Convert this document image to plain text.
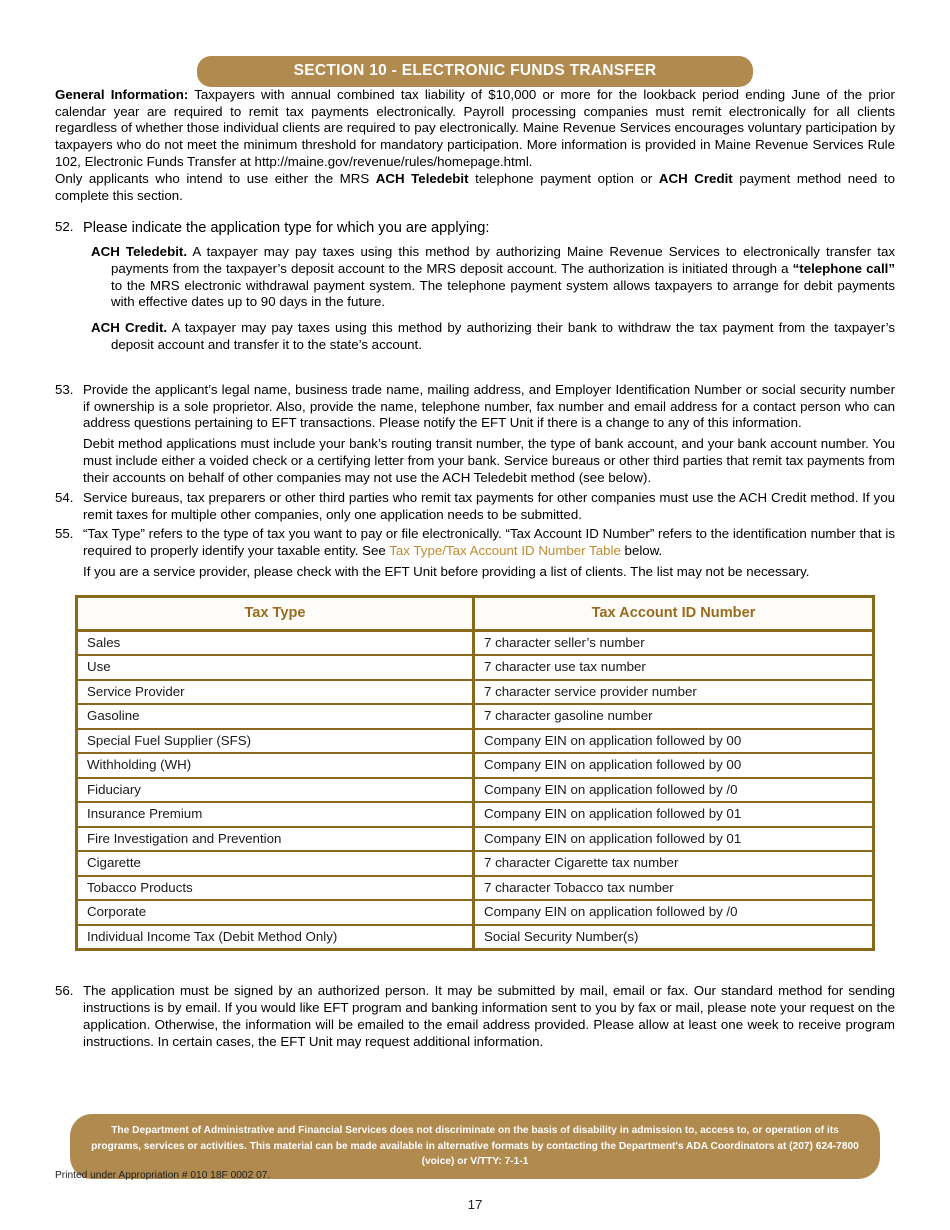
SECTION 10 - ELECTRONIC FUNDS TRANSFER

General Information: Taxpayers with annual combined tax liability of $10,000 or more for the lookback period ending June of the prior calendar year are required to remit tax payments electronically. Payroll processing companies must remit electronically for all clients regardless of whether those individual clients are required to pay electronically. Maine Revenue Services encourages voluntary participation by taxpayers who do not meet the minimum threshold for mandatory participation. More information is provided in Maine Revenue Services Rule 102, Electronic Funds Transfer at http://maine.gov/revenue/rules/homepage.html.

Only applicants who intend to use either the MRS ACH Teledebit telephone payment option or ACH Credit payment method need to complete this section.

52. Please indicate the application type for which you are applying:
ACH Teledebit. A taxpayer may pay taxes using this method by authorizing Maine Revenue Services to electronically transfer tax payments from the taxpayer’s deposit account to the MRS deposit account. The authorization is initiated through a “telephone call” to the MRS electronic withdrawal payment system. The telephone payment system allows taxpayers to arrange for debit payments with effective dates up to 90 days in the future.
ACH Credit. A taxpayer may pay taxes using this method by authorizing their bank to withdraw the tax payment from the taxpayer’s deposit account and transfer it to the state’s account.
53. Provide the applicant’s legal name, business trade name, mailing address, and Employer Identification Number or social security number if ownership is a sole proprietor. Also, provide the name, telephone number, fax number and email address for a contact person who can address questions pertaining to EFT transactions. Please notify the EFT Unit if there is a change to any of this information.
Debit method applications must include your bank’s routing transit number, the type of bank account, and your bank account number. You must include either a voided check or a certifying letter from your bank. Service bureaus or other third parties that remit tax payments from their accounts on behalf of other companies may not use the ACH Teledebit method (see below).
54. Service bureaus, tax preparers or other third parties who remit tax payments for other companies must use the ACH Credit method. If you remit taxes for multiple other companies, only one application needs to be submitted.
55. “Tax Type” refers to the type of tax you want to pay or file electronically. “Tax Account ID Number” refers to the identification number that is required to properly identify your taxable entity. See Tax Type/Tax Account ID Number Table below.
If you are a service provider, please check with the EFT Unit before providing a list of clients. The list may not be necessary.
Tax Type	Tax Account ID Number
Sales	7 character seller’s number
Use	7 character use tax number
Service Provider	7 character service provider number
Gasoline	7 character gasoline number
Special Fuel Supplier (SFS)	Company EIN on application followed by 00
Withholding (WH)	Company EIN on application followed by 00
Fiduciary	Company EIN on application followed by /0
Insurance Premium	Company EIN on application followed by 01
Fire Investigation and Prevention	Company EIN on application followed by 01
Cigarette	7 character Cigarette tax number
Tobacco Products	7 character Tobacco tax number
Corporate	Company EIN on application followed by /0
Individual Income Tax (Debit Method Only)	Social Security Number(s)
56. The application must be signed by an authorized person. It may be submitted by mail, email or fax. Our standard method for sending instructions is by email. If you would like EFT program and banking information sent to you by fax or mail, please note your request on the application. Otherwise, the information will be emailed to the email address provided. Please allow at least one week to receive program instructions. In certain cases, the EFT Unit may request additional information.
The Department of Administrative and Financial Services does not discriminate on the basis of disability in admission to, access to, or operation of its programs, services or activities. This material can be made available in alternative formats by contacting the Department's ADA Coordinators at (207) 624-7800 (voice) or V/TTY: 7-1-1
Printed under Appropriation # 010 18F 0002 07.
17
